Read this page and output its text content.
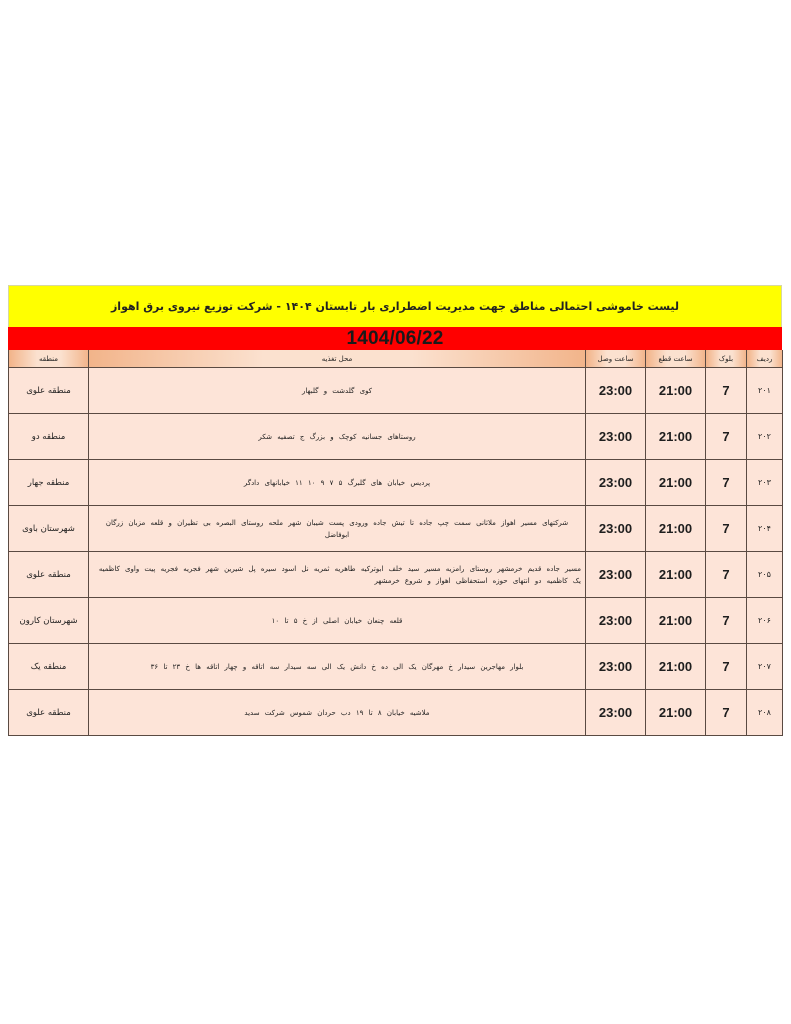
لیست خاموشی احتمالی مناطق جهت مدیریت اضطراری بار تابستان ۱۴۰۴ - شرکت توزیع نیروی برق اهواز
1404/06/22
ردیف	بلوک	ساعت قطع	ساعت وصل	محل تغذیه	منطقه
۲۰۱	7	21:00	23:00	کوی گلدشت و گلبهار	منطقه علوی
۲۰۲	7	21:00	23:00	روستاهای جسانیه کوچک و بزرگ ج تصفیه شکر	منطقه دو
۲۰۳	7	21:00	23:00	پردیس خیابان های گلبرگ ۵ ۷ ۹ ۱۰ ۱۱ خیابانهای دادگر	منطقه جهار
۲۰۴	7	21:00	23:00	شرکتهای مسیر اهواز ملاثانی سمت چپ جاده تا تیش جاده ورودی پست شیبان شهر ملحه روستای البصره بی تظیران و قلعه مزبان زرگان ابوفاضل	شهرستان باوی
۲۰۵	7	21:00	23:00	مسیر جاده قدیم خرمشهر روستای رامزیه مسیر سید خلف ابوترکیه طاهریه ثمریه نل اسود سیره پل شیرین شهر فجریه فجریه پیت واوی کاظمیه یک کاظمیه دو انتهای حوزه استحفاظی اهواز و شروع خرمشهر	منطقه علوی
۲۰۶	7	21:00	23:00	قلعه چنعان خیابان اصلی از خ ۵ تا ۱۰	شهرستان کارون
۲۰۷	7	21:00	23:00	بلوار مهاجرین سیدار خ مهرگان یک الی ده خ دانش یک الی سه سیدار سه اتاقه و چهار اتاقه ها خ ۲۳ تا ۳۶	منطقه یک
۲۰۸	7	21:00	23:00	ملاشیه خیابان ۸ تا ۱۹ دب حردان شموس شرکت سدید	منطقه علوی
